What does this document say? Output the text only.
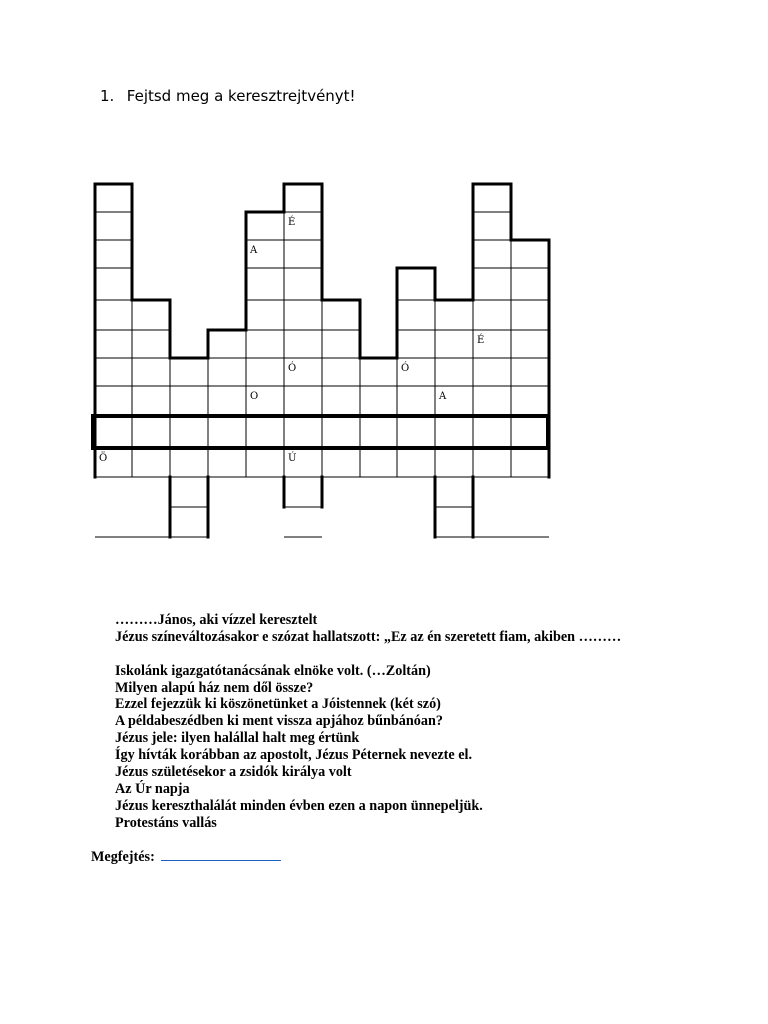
1. Fejtsd meg a keresztrejtvényt!
É
A
É
Ó	Ó
O	A
Ö	Ú
………János, aki vízzel keresztelt
Jézus színeváltozásakor e szózat hallatszott: „Ez az én szeretett fiam, akiben ………
Iskolánk igazgatótanácsának elnöke volt. (…Zoltán)
Milyen alapú ház nem dől össze?
Ezzel fejezzük ki köszönetünket a Jóistennek (két szó)
A példabeszédben ki ment vissza apjához bűnbánóan?
Jézus jele: ilyen halállal halt meg értünk
Így hívták korábban az apostolt, Jézus Péternek nevezte el.
Jézus születésekor a zsidók királya volt
Az Úr napja
Jézus kereszthalálát minden évben ezen a napon ünnepeljük.
Protestáns vallás
Megfejtés:
